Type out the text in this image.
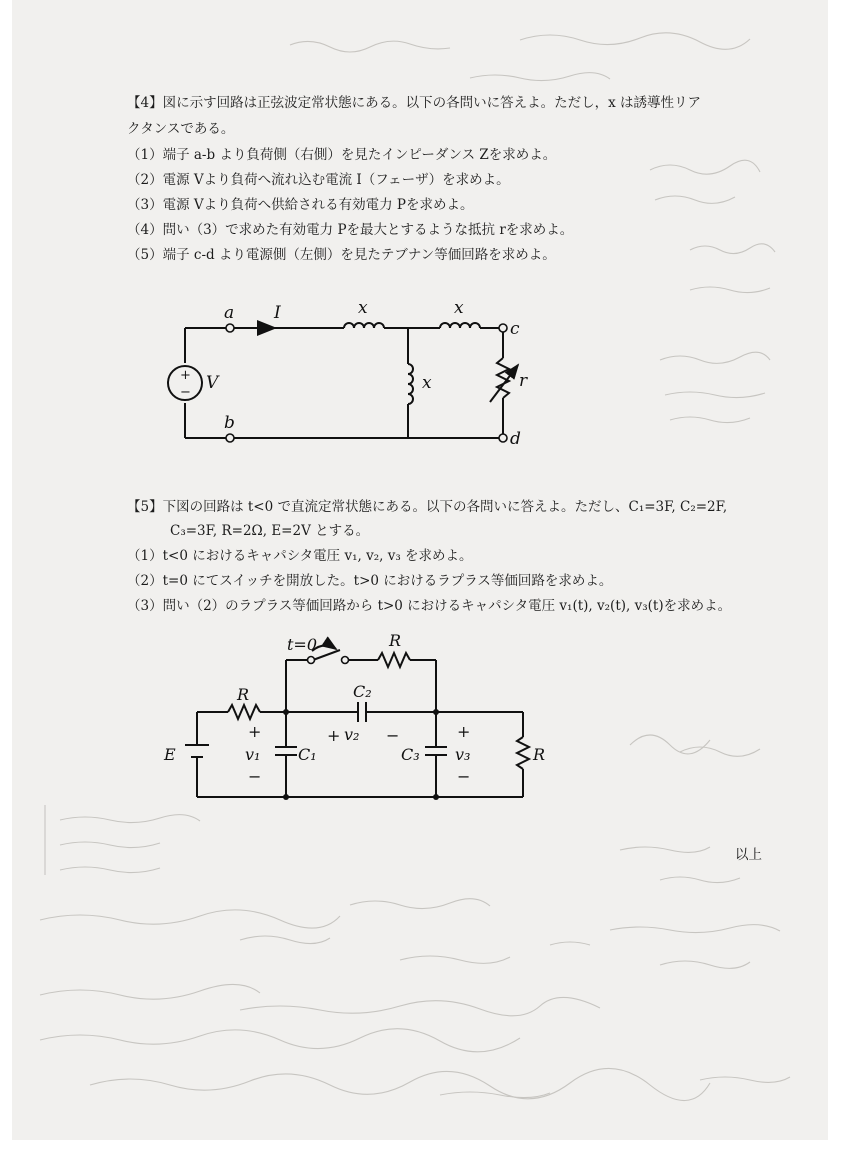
【4】図に示す回路は正弦波定常状態にある。以下の各問いに答えよ。ただし，x は誘導性リア
クタンスである。
（1）端子 a-b より負荷側（右側）を見たインピーダンス Zを求めよ。
（2）電源 Vより負荷へ流れ込む電流 I（フェーザ）を求めよ。
（3）電源 Vより負荷へ供給される有効電力 Pを求めよ。
（4）問い（3）で求めた有効電力 Pを最大とするような抵抗 rを求めよ。
（5）端子 c-d より電源側（左側）を見たテブナン等価回路を求めよ。
【5】下図の回路は t<0 で直流定常状態にある。以下の各問いに答えよ。ただし、C₁=3F, C₂=2F,
C₃=3F, R=2Ω, E=2V とする。
（1）t<0 におけるキャパシタ電圧 v₁, v₂, v₃ を求めよ。
（2）t=0 にてスイッチを開放した。t>0 におけるラプラス等価回路を求めよ。
（3）問い（2）のラプラス等価回路から t>0 におけるキャパシタ電圧 v₁(t), v₂(t), v₃(t)を求めよ。
以上
+
−
a
b
c
d
I
V
x	x
x	r
t=0	R
R
R
C₂
C₁	C₃
E	v₁
v₂
v₃
+
−
+
−
+	−
